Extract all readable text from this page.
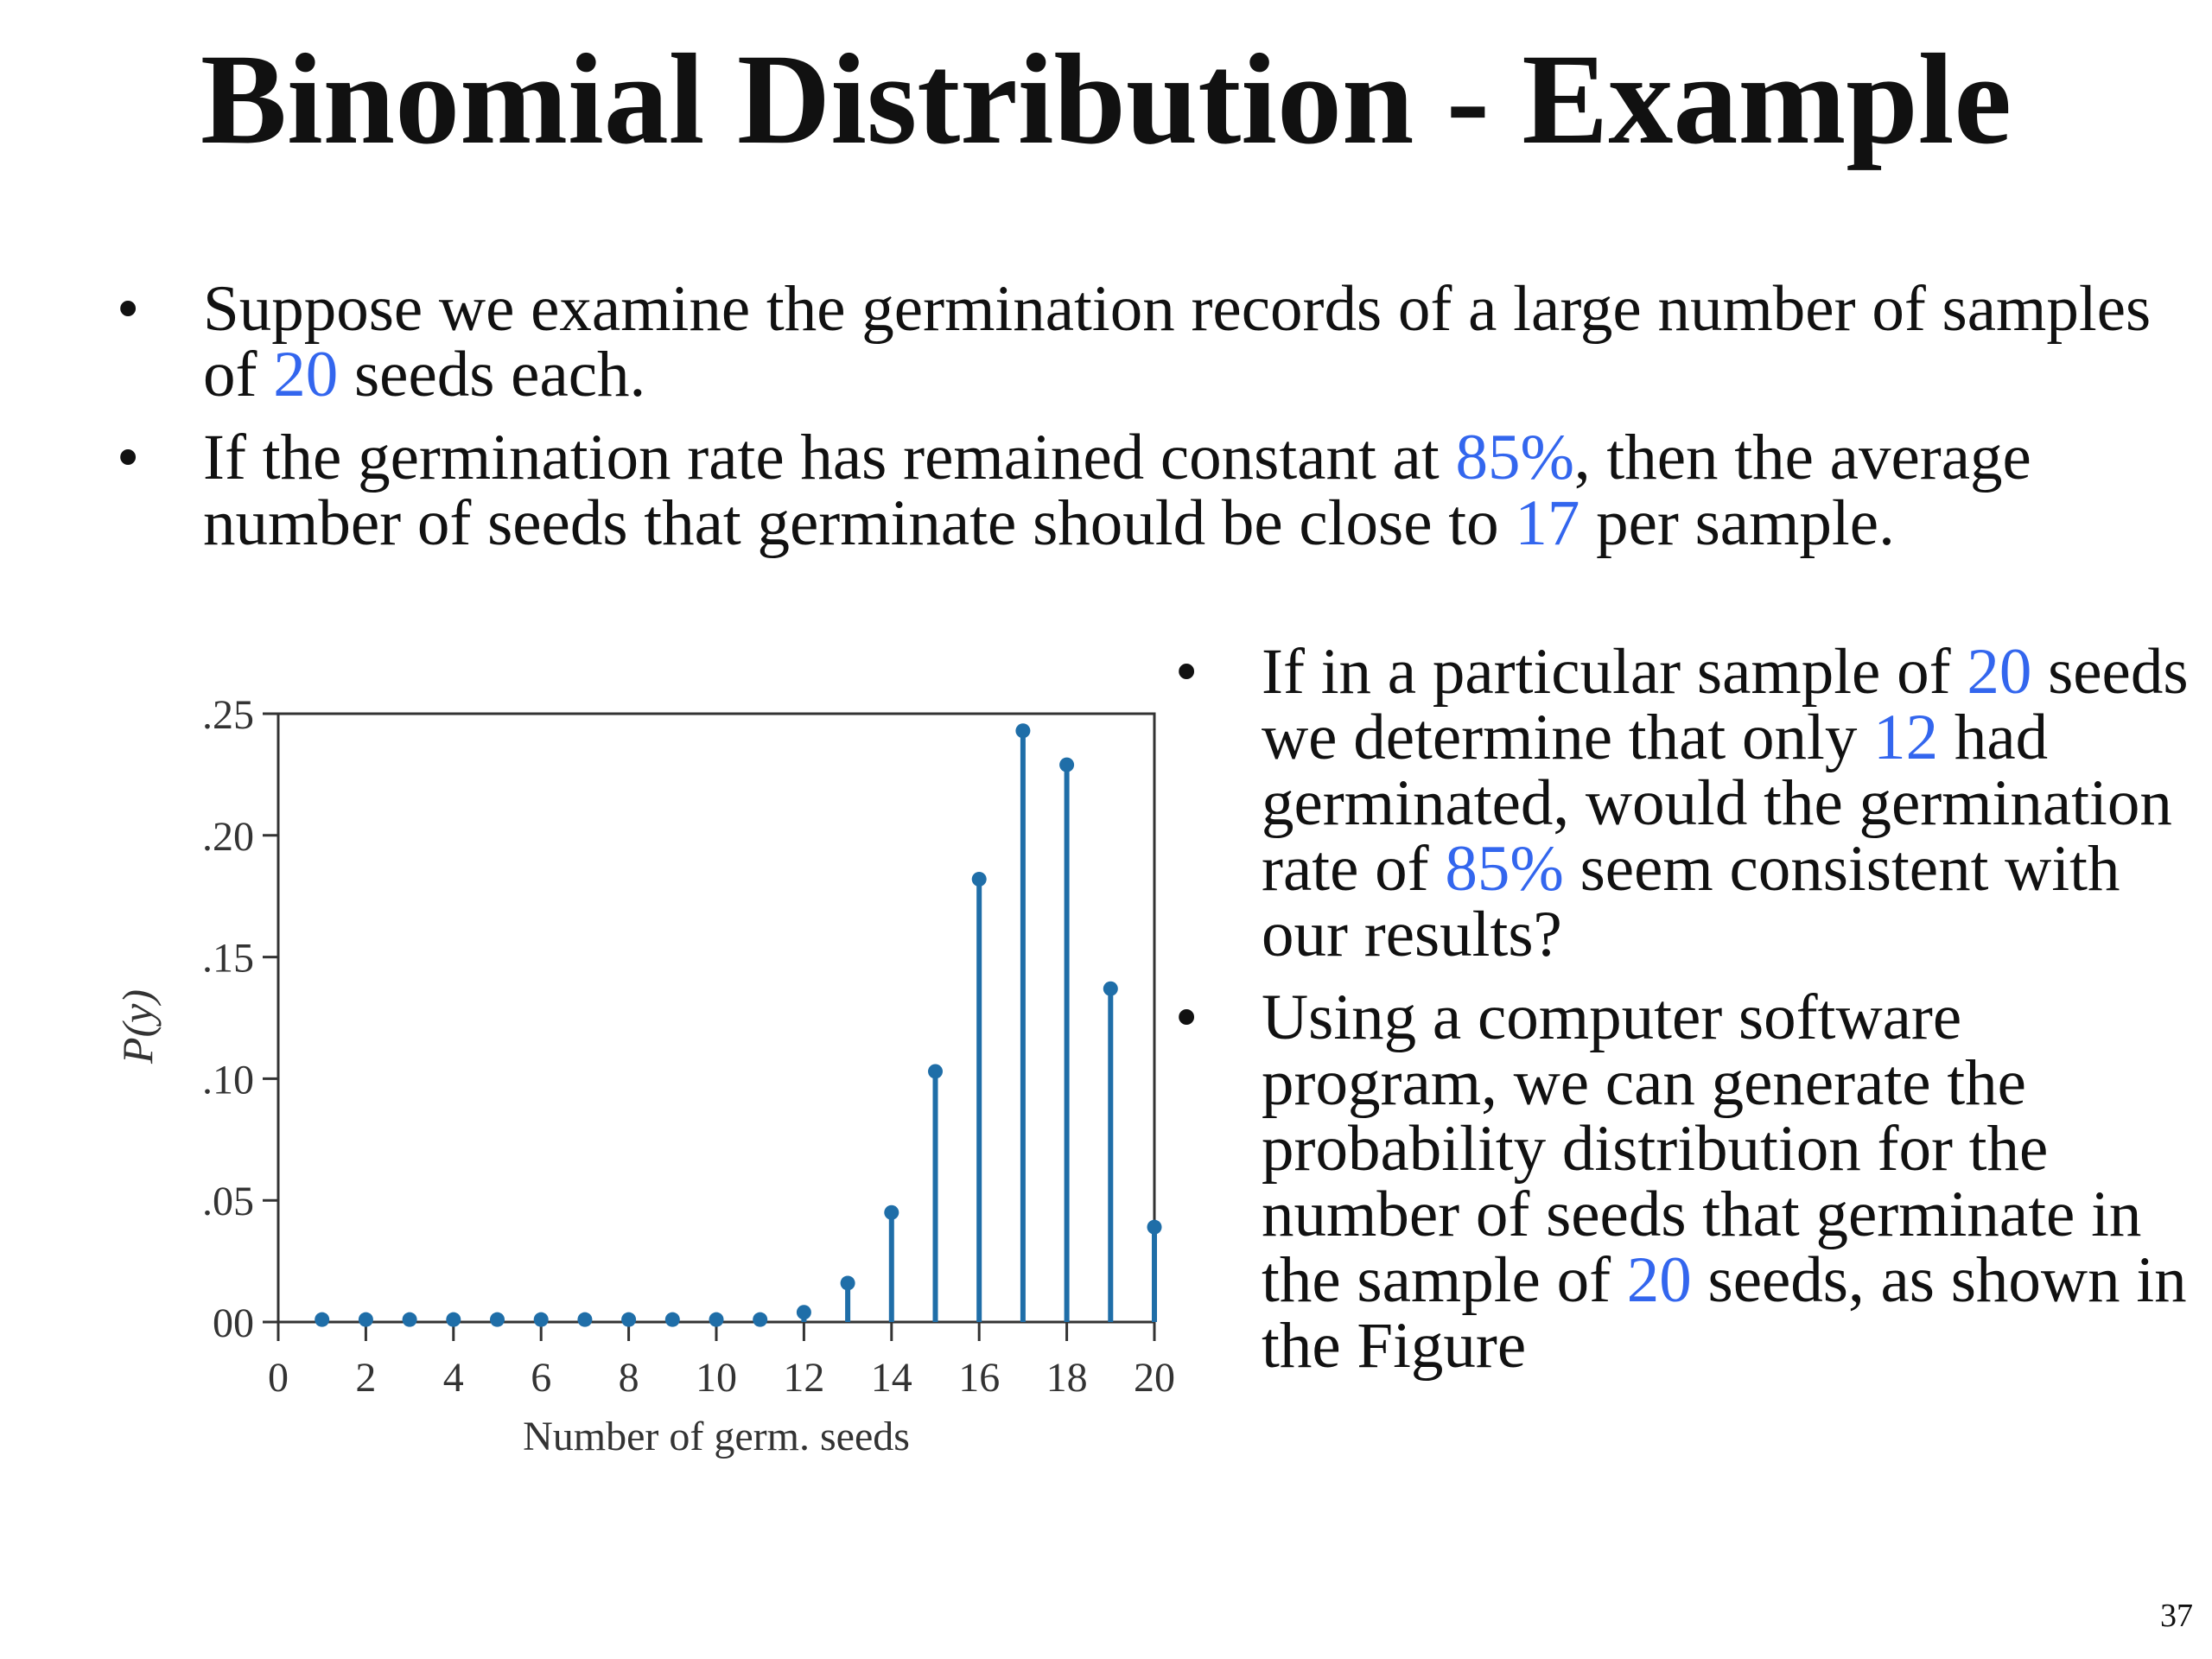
Binomial Distribution - Example
• Suppose we examine the germination records of a large number of samples of 20 seeds each.
• If the germination rate has remained constant at 85%, then the average number of seeds that germinate should be close to 17 per sample.
• If in a particular sample of 20 seeds we determine that only 12 had germinated, would the germination rate of 85% seem consistent with our results?
• Using a computer software program, we can generate the probability distribution for the number of seeds that germinate in the sample of 20 seeds, as shown in the Figure
00
.05
.10
.15
.20
.25
0 2 4 6 8 10 12 14 16 18 20
Number of germ. seeds
P(y)
37
